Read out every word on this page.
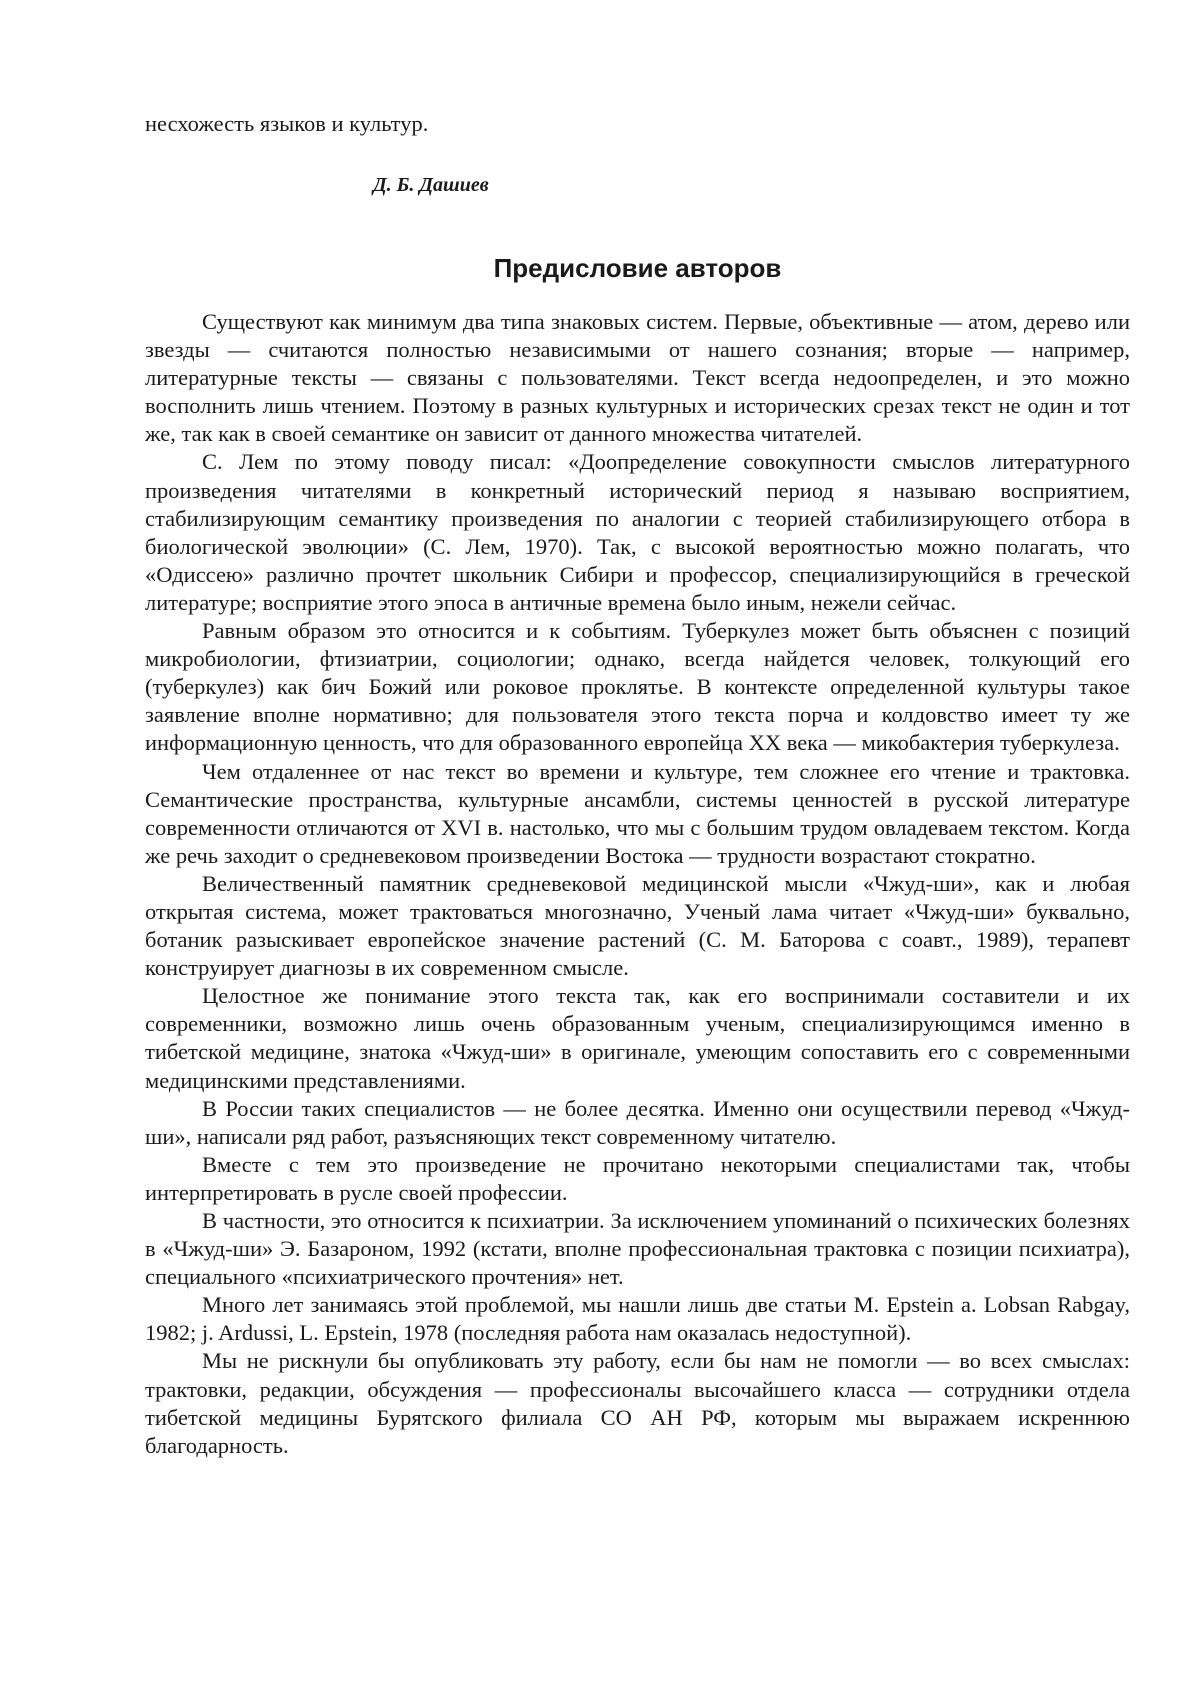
несхожесть языков и культур.

Д. Б. Дашиев
Предисловие авторов

Существуют как минимум два типа знаковых систем. Первые, объективные — атом, дерево или звезды — считаются полностью независимыми от нашего сознания; вторые — например, литературные тексты — связаны с пользователями. Текст всегда недоопределен, и это можно восполнить лишь чтением. Поэтому в разных культурных и исторических срезах текст не один и тот же, так как в своей семантике он зависит от данного множества читателей.

С. Лем по этому поводу писал: «Доопределение совокупности смыслов литературного произведения читателями в конкретный исторический период я называю восприятием, стабилизирующим семантику произведения по аналогии с теорией стабилизирующего отбора в биологической эволюции» (С. Лем, 1970). Так, с высокой вероятностью можно полагать, что «Одиссею» различно прочтет школьник Сибири и профессор, специализирующийся в греческой литературе; восприятие этого эпоса в античные времена было иным, нежели сейчас.

Равным образом это относится и к событиям. Туберкулез может быть объяснен с позиций микробиологии, фтизиатрии, социологии; однако, всегда найдется человек, толкующий его (туберкулез) как бич Божий или роковое проклятье. В контексте определенной культуры такое заявление вполне нормативно; для пользователя этого текста порча и колдовство имеет ту же информационную ценность, что для образованного европейца XX века — микобактерия туберкулеза.

Чем отдаленнее от нас текст во времени и культуре, тем сложнее его чтение и трактовка. Семантические пространства, культурные ансамбли, системы ценностей в русской литературе современности отличаются от XVI в. настолько, что мы с большим трудом овладеваем текстом. Когда же речь заходит о средневековом произведении Востока — трудности возрастают стократно.

Величественный памятник средневековой медицинской мысли «Чжуд-ши», как и любая открытая система, может трактоваться многозначно, Ученый лама читает «Чжуд-ши» буквально, ботаник разыскивает европейское значение растений (С. М. Баторова с соавт., 1989), терапевт конструирует диагнозы в их современном смысле.

Целостное же понимание этого текста так, как его воспринимали составители и их современники, возможно лишь очень образованным ученым, специализирующимся именно в тибетской медицине, знатока «Чжуд-ши» в оригинале, умеющим сопоставить его с современными медицинскими представлениями.

В России таких специалистов — не более десятка. Именно они осуществили перевод «Чжуд-ши», написали ряд работ, разъясняющих текст современному читателю.

Вместе с тем это произведение не прочитано некоторыми специалистами так, чтобы интерпретировать в русле своей профессии.

В частности, это относится к психиатрии. За исключением упоминаний о психических болезнях в «Чжуд-ши» Э. Базароном, 1992 (кстати, вполне профессиональная трактовка с позиции психиатра), специального «психиатрического прочтения» нет.

Много лет занимаясь этой проблемой, мы нашли лишь две статьи M. Epstein a. Lobsan Rabgay, 1982; j. Ardussi, L. Epstein, 1978 (последняя работа нам оказалась недоступной).

Мы не рискнули бы опубликовать эту работу, если бы нам не помогли — во всех смыслах: трактовки, редакции, обсуждения — профессионалы высочайшего класса — сотрудники отдела тибетской медицины Бурятского филиала СО АН РФ, которым мы выражаем искреннюю благодарность.
